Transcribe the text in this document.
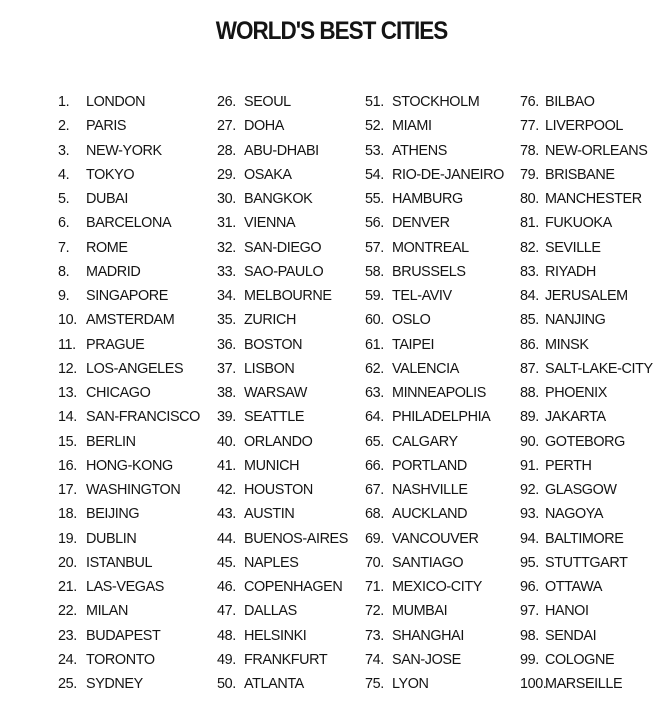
WORLD'S BEST CITIES
1. LONDON
2. PARIS
3. NEW-YORK
4. TOKYO
5. DUBAI
6. BARCELONA
7. ROME
8. MADRID
9. SINGAPORE
10. AMSTERDAM
11. PRAGUE
12. LOS-ANGELES
13. CHICAGO
14. SAN-FRANCISCO
15. BERLIN
16. HONG-KONG
17. WASHINGTON
18. BEIJING
19. DUBLIN
20. ISTANBUL
21. LAS-VEGAS
22. MILAN
23. BUDAPEST
24. TORONTO
25. SYDNEY
26. SEOUL
27. DOHA
28. ABU-DHABI
29. OSAKA
30. BANGKOK
31. VIENNA
32. SAN-DIEGO
33. SAO-PAULO
34. MELBOURNE
35. ZURICH
36. BOSTON
37. LISBON
38. WARSAW
39. SEATTLE
40. ORLANDO
41. MUNICH
42. HOUSTON
43. AUSTIN
44. BUENOS-AIRES
45. NAPLES
46. COPENHAGEN
47. DALLAS
48. HELSINKI
49. FRANKFURT
50. ATLANTA
51. STOCKHOLM
52. MIAMI
53. ATHENS
54. RIO-DE-JANEIRO
55. HAMBURG
56. DENVER
57. MONTREAL
58. BRUSSELS
59. TEL-AVIV
60. OSLO
61. TAIPEI
62. VALENCIA
63. MINNEAPOLIS
64. PHILADELPHIA
65. CALGARY
66. PORTLAND
67. NASHVILLE
68. AUCKLAND
69. VANCOUVER
70. SANTIAGO
71. MEXICO-CITY
72. MUMBAI
73. SHANGHAI
74. SAN-JOSE
75. LYON
76. BILBAO
77. LIVERPOOL
78. NEW-ORLEANS
79. BRISBANE
80. MANCHESTER
81. FUKUOKA
82. SEVILLE
83. RIYADH
84. JERUSALEM
85. NANJING
86. MINSK
87. SALT-LAKE-CITY
88. PHOENIX
89. JAKARTA
90. GOTEBORG
91. PERTH
92. GLASGOW
93. NAGOYA
94. BALTIMORE
95. STUTTGART
96. OTTAWA
97. HANOI
98. SENDAI
99. COLOGNE
100.MARSEILLE
